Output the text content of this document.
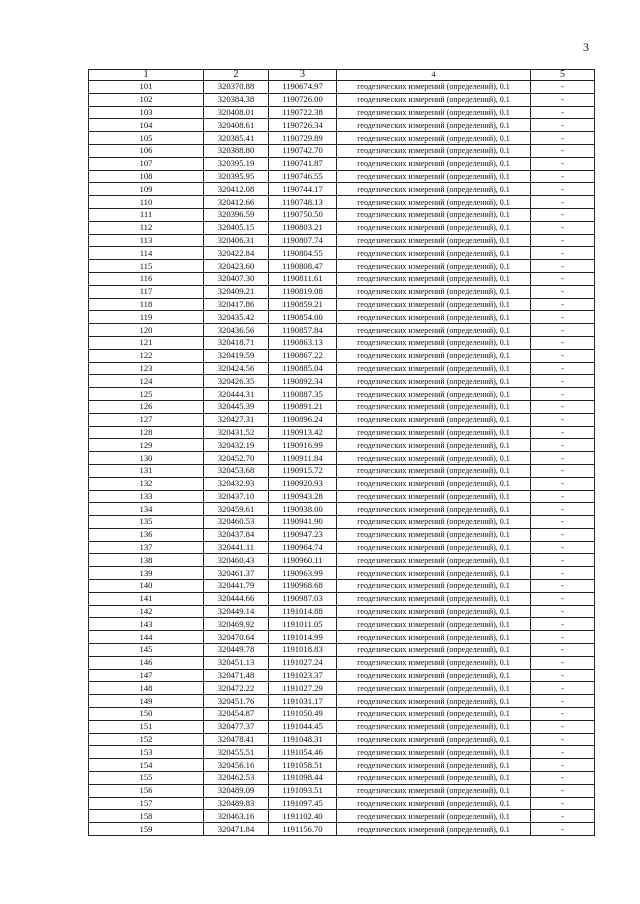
3
1	2	3	4	5
101	320370.88	1190674.97	геодезических измерений (определений), 0.1	-
102	320384.38	1190726.00	геодезических измерений (определений), 0.1	-
103	320408.01	1190722.38	геодезических измерений (определений), 0.1	-
104	320408.61	1190726.34	геодезических измерений (определений), 0.1	-
105	320385.41	1190729.89	геодезических измерений (определений), 0.1	-
106	320388.80	1190742.70	геодезических измерений (определений), 0.1	-
107	320395.19	1190741.87	геодезических измерений (определений), 0.1	-
108	320395.95	1190746.55	геодезических измерений (определений), 0.1	-
109	320412.08	1190744.17	геодезических измерений (определений), 0.1	-
110	320412.66	1190748.13	геодезических измерений (определений), 0.1	-
111	320396.59	1190750.50	геодезических измерений (определений), 0.1	-
112	320405.15	1190803.21	геодезических измерений (определений), 0.1	-
113	320406.31	1190807.74	геодезических измерений (определений), 0.1	-
114	320422.84	1190804.55	геодезических измерений (определений), 0.1	-
115	320423.60	1190808.47	геодезических измерений (определений), 0.1	-
116	320407.30	1190811.61	геодезических измерений (определений), 0.1	-
117	320409.21	1190819.08	геодезических измерений (определений), 0.1	-
118	320417.86	1190859.21	геодезических измерений (определений), 0.1	-
119	320435.42	1190854.00	геодезических измерений (определений), 0.1	-
120	320436.56	1190857.84	геодезических измерений (определений), 0.1	-
121	320418.71	1190863.13	геодезических измерений (определений), 0.1	-
122	320419.59	1190867.22	геодезических измерений (определений), 0.1	-
123	320424.56	1190885.04	геодезических измерений (определений), 0.1	-
124	320426.35	1190892.34	геодезических измерений (определений), 0.1	-
125	320444.31	1190887.35	геодезических измерений (определений), 0.1	-
126	320445.39	1190891.21	геодезических измерений (определений), 0.1	-
127	320427.31	1190896.24	геодезических измерений (определений), 0.1	-
128	320431.52	1190913.42	геодезических измерений (определений), 0.1	-
129	320432.19	1190916.99	геодезических измерений (определений), 0.1	-
130	320452.70	1190911.84	геодезических измерений (определений), 0.1	-
131	320453.68	1190915.72	геодезических измерений (определений), 0.1	-
132	320432.93	1190920.93	геодезических измерений (определений), 0.1	-
133	320437.10	1190943.28	геодезических измерений (определений), 0.1	-
134	320459.61	1190938.00	геодезических измерений (определений), 0.1	-
135	320460.53	1190941.90	геодезических измерений (определений), 0.1	-
136	320437.84	1190947.23	геодезических измерений (определений), 0.1	-
137	320441.11	1190964.74	геодезических измерений (определений), 0.1	-
138	320460.43	1190960.11	геодезических измерений (определений), 0.1	-
139	320461.37	1190963.99	геодезических измерений (определений), 0.1	-
140	320441.79	1190968.68	геодезических измерений (определений), 0.1	-
141	320444.66	1190987.03	геодезических измерений (определений), 0.1	-
142	320449.14	1191014.88	геодезических измерений (определений), 0.1	-
143	320469.92	1191011.05	геодезических измерений (определений), 0.1	-
144	320470.64	1191014.99	геодезических измерений (определений), 0.1	-
145	320449.78	1191018.83	геодезических измерений (определений), 0.1	-
146	320451.13	1191027.24	геодезических измерений (определений), 0.1	-
147	320471.48	1191023.37	геодезических измерений (определений), 0.1	-
148	320472.22	1191027.29	геодезических измерений (определений), 0.1	-
149	320451.76	1191031.17	геодезических измерений (определений), 0.1	-
150	320454.87	1191050.49	геодезических измерений (определений), 0.1	-
151	320477.37	1191044.45	геодезических измерений (определений), 0.1	-
152	320478.41	1191048.31	геодезических измерений (определений), 0.1	-
153	320455.51	1191054.46	геодезических измерений (определений), 0.1	-
154	320456.16	1191058.51	геодезических измерений (определений), 0.1	-
155	320462.53	1191098.44	геодезических измерений (определений), 0.1	-
156	320489.09	1191093.51	геодезических измерений (определений), 0.1	-
157	320489.83	1191097.45	геодезических измерений (определений), 0.1	-
158	320463.16	1191102.40	геодезических измерений (определений), 0.1	-
159	320471.84	1191156.70	геодезических измерений (определений), 0.1	-
